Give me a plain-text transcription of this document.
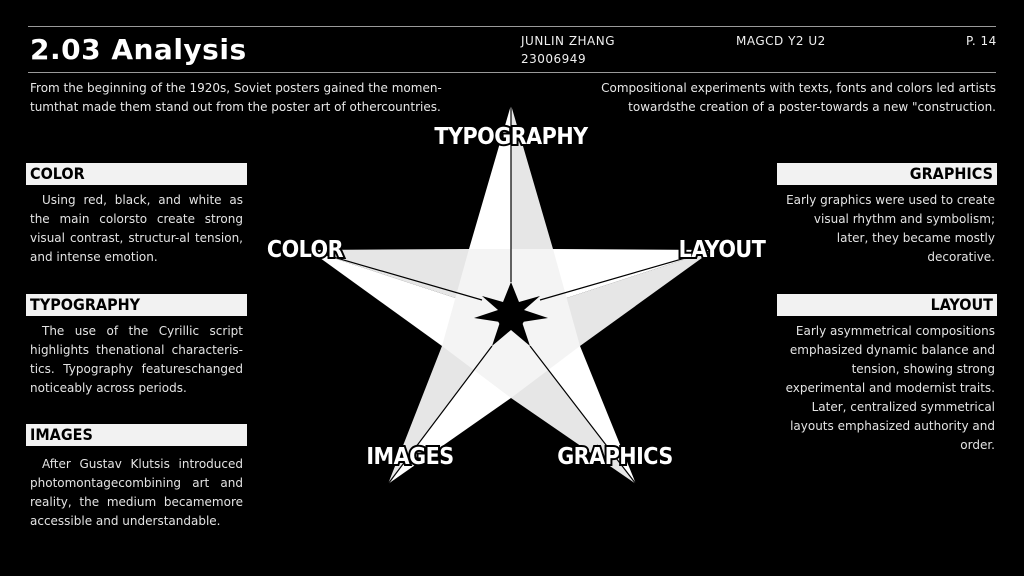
2.03 Analysis	JUNLIN ZHANG
23006949
MAGCD Y2 U2	P. 14
From the beginning of the 1920s, Soviet posters gained the momen-tumthat made them stand out from the poster art of othercountries.
Compositional experiments with texts, fonts and colors led artists towardsthe creation of a poster-towards a new "construction.
TYPOGRAPHY
COLOR	LAYOUT
IMAGES	GRAPHICS
COLOR
Using red, black, and white as the main colorsto create strong visual contrast, structur-al tension, and intense emotion.
TYPOGRAPHY
The use of the Cyrillic script highlights thenational characteris-tics. Typography featureschanged noticeably across periods.
IMAGES
After Gustav Klutsis introduced photomontagecombining art and reality, the medium becamemore accessible and understandable.
GRAPHICS
Early graphics were used to create visual rhythm and symbolism; later, they became mostly decorative.
LAYOUT
Early asymmetrical compositions emphasized dynamic balance and tension, showing strong experimental and modernist traits. Later, centralized symmetrical layouts emphasized authority and order.
